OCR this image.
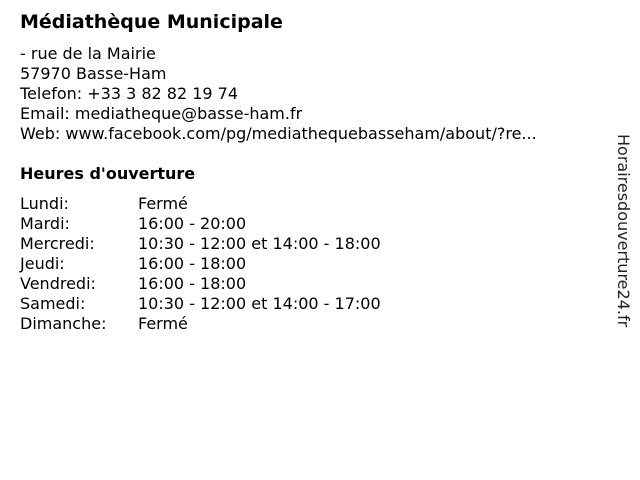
Médiathèque Municipale
- rue de la Mairie
57970 Basse-Ham
Telefon: +33 3 82 82 19 74
Email: mediatheque@basse-ham.fr
Web: www.facebook.com/pg/mediathequebasseham/about/?re...
Heures d'ouverture
Lundi:	Fermé
Mardi:	16:00 - 20:00
Mercredi:	10:30 - 12:00 et 14:00 - 18:00
Jeudi:	16:00 - 18:00
Vendredi:	16:00 - 18:00
Samedi:	10:30 - 12:00 et 14:00 - 17:00
Dimanche: Fermé	Horairesdouverture24.fr
